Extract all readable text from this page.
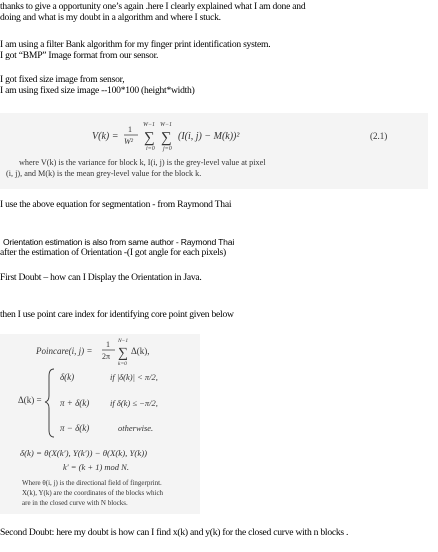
thanks to give a opportunity one’s again .here I clearly explained what I am done and
doing and what is my doubt in a algorithm and where I stuck.
I am using a filter Bank algorithm for my finger print identification system.
I got “BMP” Image format from our sensor.
I got fixed size image from sensor,
I am using fixed size image --100*100 (height*width)
V(k) =
1
W²
W−1
∑
i=0
W−1
∑
j=0
(I(i, j) − M(k))²	(2.1)
where V(k) is the variance for block k, I(i, j) is the grey-level value at pixel
(i, j), and M(k) is the mean grey-level value for the block k.
I use the above equation for segmentation - from Raymond Thai
Orientation estimation is also from same author - Raymond Thai
after the estimation of Orientation -(I got angle for each pixels)
First Doubt – how can I Display the Orientation in Java.
then I use point care index for identifying core point given below
Poincare(i, j) =
1
2π
N−1
∑
k=0
Δ(k),
Δ(k) =
δ(k)	if |δ(k)| < π/2,
π + δ(k) if δ(k) ≤ −π/2,
π − δ(k)	otherwise.
δ(k) = θ(X(k′), Y(k′)) − θ(X(k), Y(k))
k′ = (k + 1) mod N.
Where θ(i, j) is the directional field of fingerprint.
X(k), Y(k) are the coordinates of the blocks which
are in the closed curve with N blocks.
Second Doubt: here my doubt is how can I find x(k) and y(k) for the closed curve with n blocks .
